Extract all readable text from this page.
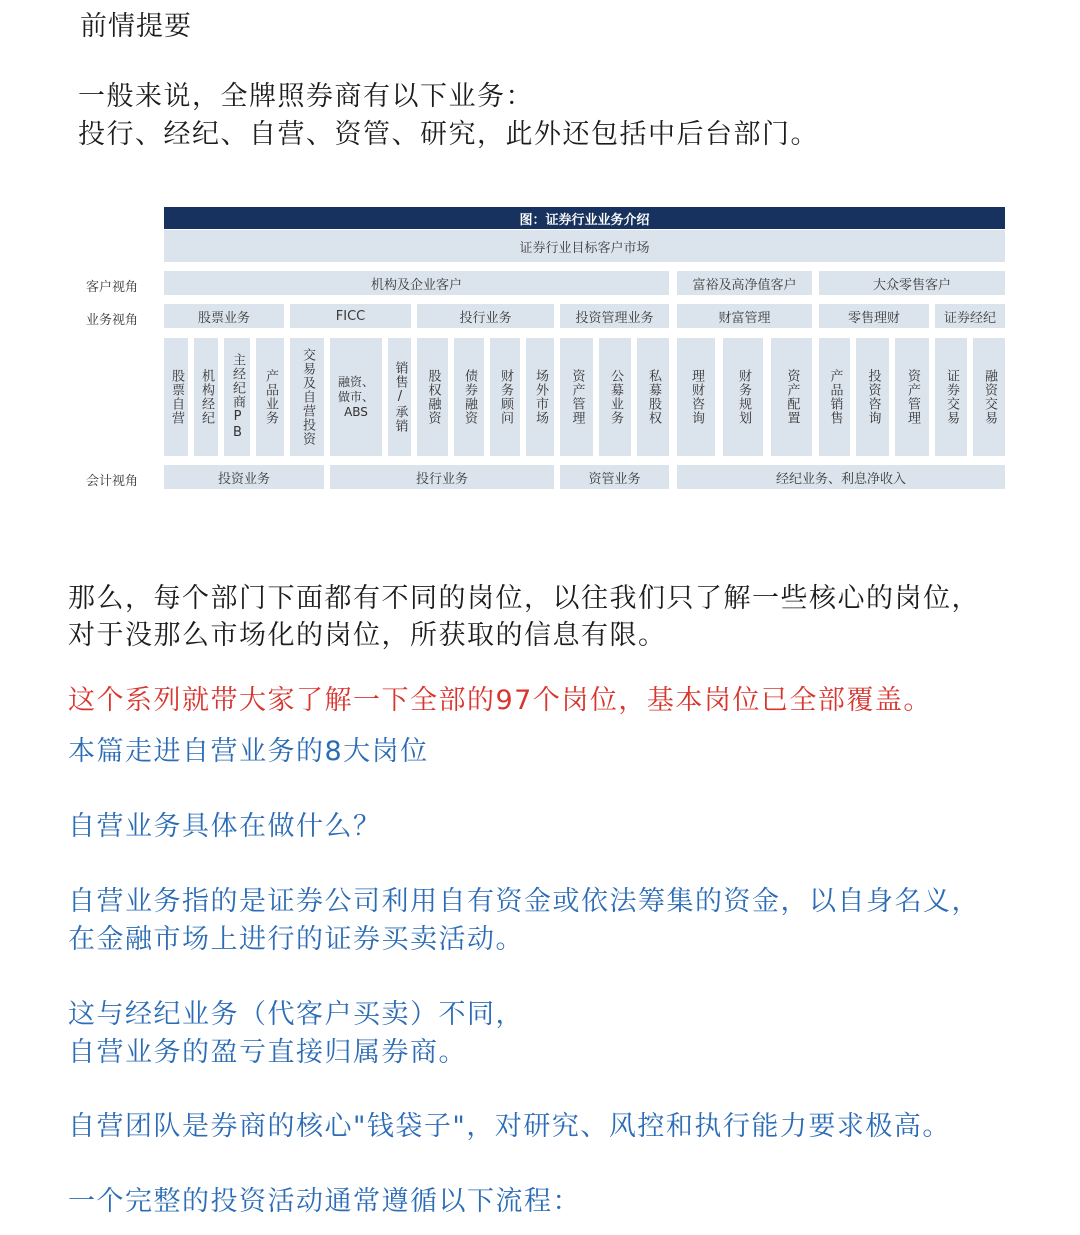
前情提要
一般来说，全牌照券商有以下业务：
投行、经纪、自营、资管、研究，此外还包括中后台部门。
图：证券行业业务介绍
证券行业目标客户市场
客户视角
业务视角
会计视角
机构及企业客户	富裕及高净值客户	大众零售客户
股票业务	FICC	投行业务	投资管理业务	财富管理	零售理财	证券经纪
股票自营 机构经纪 主经纪商PB 产品业务 交易及自营投资	融资、做市、ABS	销售/承销 股权融资 债券融资 财务顾问 场外市场 资产管理 公募业务 私募股权 理财咨询 财务规划	资产配置 产品销售 投资咨询 资产管理 证券交易 融资交易
投资业务	投行业务	资管业务	经纪业务、利息净收入
那么，每个部门下面都有不同的岗位，以往我们只了解一些核心的岗位，
对于没那么市场化的岗位，所获取的信息有限。
这个系列就带大家了解一下全部的97个岗位，基本岗位已全部覆盖。
本篇走进自营业务的8大岗位
自营业务具体在做什么？
自营业务指的是证券公司利用自有资金或依法筹集的资金，以自身名义，
在金融市场上进行的证券买卖活动。
这与经纪业务（代客户买卖）不同，
自营业务的盈亏直接归属券商。
自营团队是券商的核心"钱袋子"，对研究、风控和执行能力要求极高。
一个完整的投资活动通常遵循以下流程：
